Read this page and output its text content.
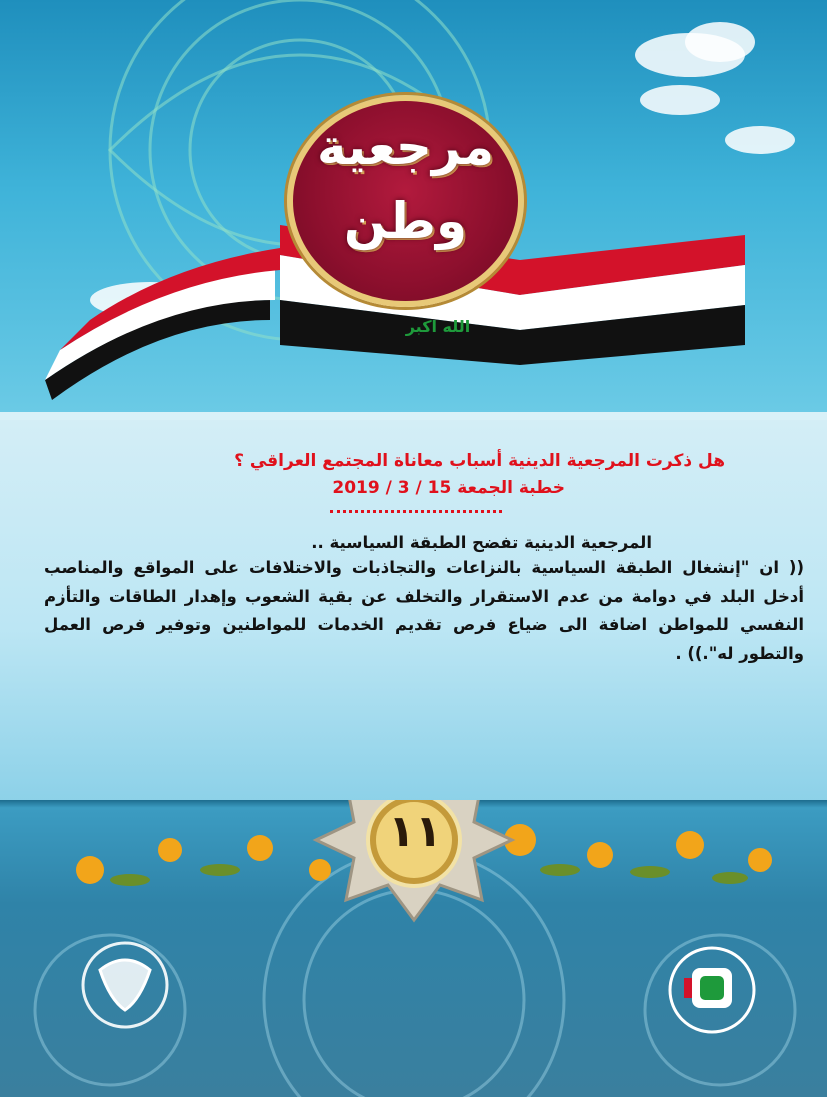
مرجعية
وطن
الله اكبر
هل ذكرت المرجعية الدينية أسباب معاناة المجتمع العراقي ؟
خطبة الجمعة 15 / 3 / 2019

المرجعية الدينية تفضح الطبقة السياسية ..

(( ان "إنشغال الطبقة السياسية بالنزاعات والتجاذبات والاختلافات على المواقع والمناصب أدخل البلد في دوامة من عدم الاستقرار والتخلف عن بقية الشعوب وإهدار الطاقات والتأزم النفسي للمواطن اضافة الى ضياع فرص تقديم الخدمات للمواطنين وتوفير فرص العمل والتطور له".)) .

١١
